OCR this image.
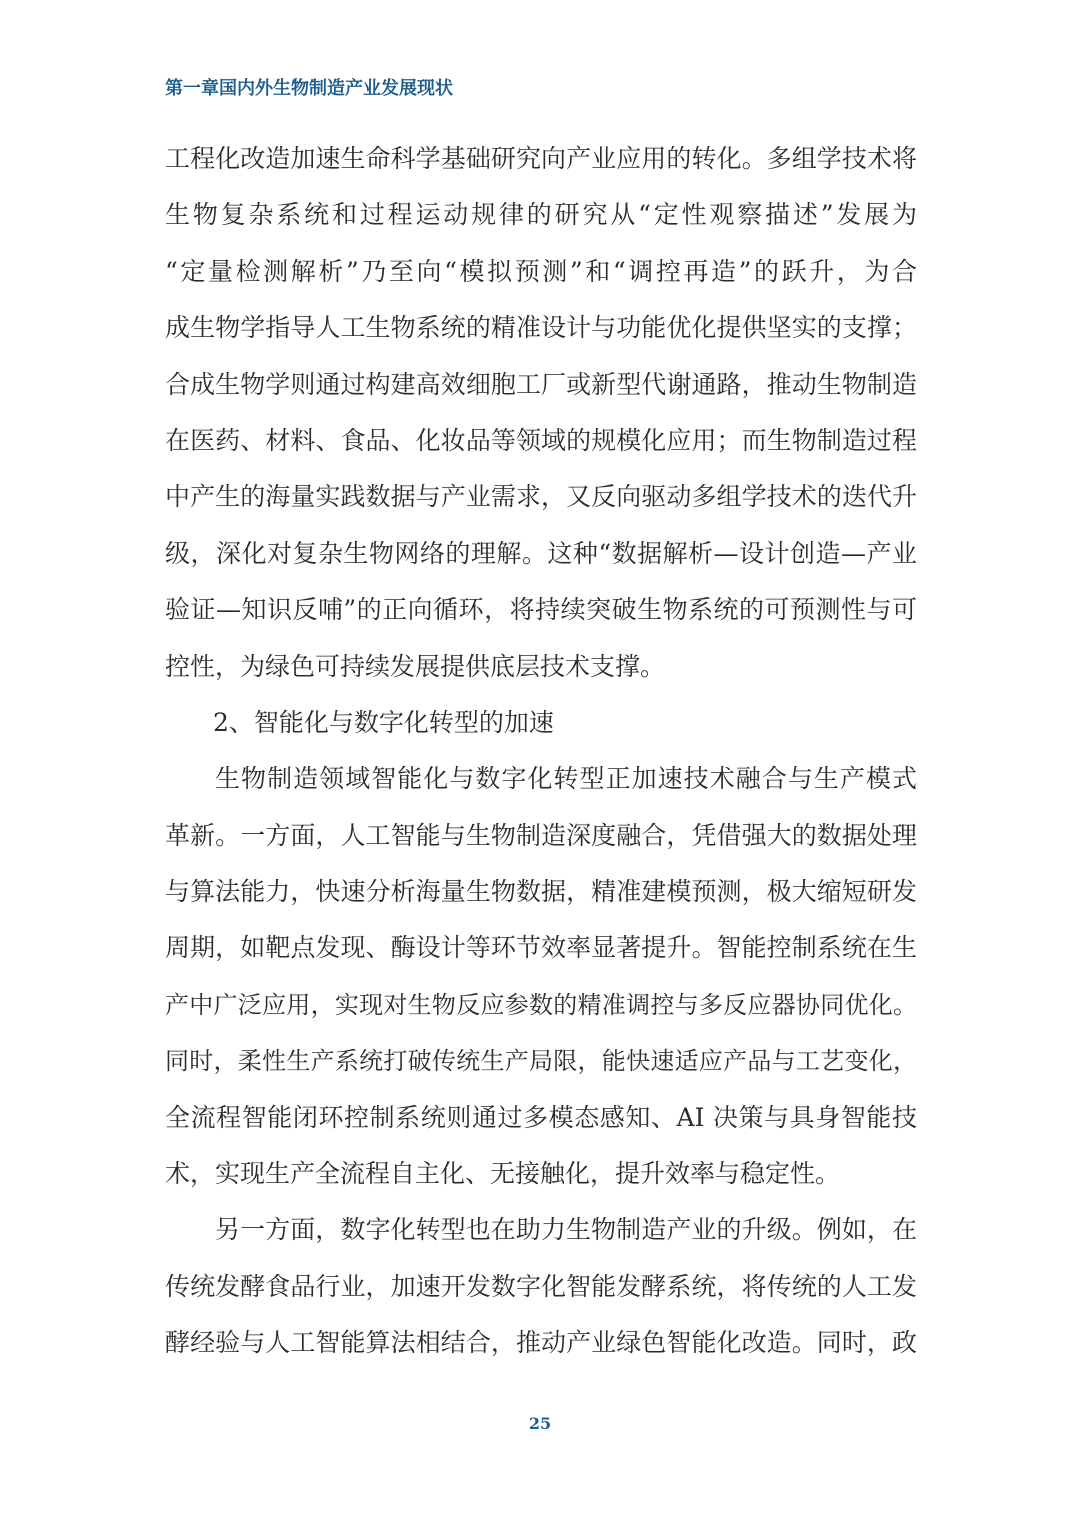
第一章国内外生物制造产业发展现状
工程化改造加速生命科学基础研究向产业应用的转化。多组学技术将
生物复杂系统和过程运动规律的研究从“定性观察描述”发展为
“定量检测解析”乃至向“模拟预测”和“调控再造”的跃升，为合
成生物学指导人工生物系统的精准设计与功能优化提供坚实的支撑；
合成生物学则通过构建高效细胞工厂或新型代谢通路，推动生物制造
在医药、材料、食品、化妆品等领域的规模化应用；而生物制造过程
中产生的海量实践数据与产业需求，又反向驱动多组学技术的迭代升
级，深化对复杂生物网络的理解。这种“数据解析—设计创造—产业
验证—知识反哺”的正向循环，将持续突破生物系统的可预测性与可
控性，为绿色可持续发展提供底层技术支撑。
2、智能化与数字化转型的加速
生物制造领域智能化与数字化转型正加速技术融合与生产模式
革新。一方面，人工智能与生物制造深度融合，凭借强大的数据处理
与算法能力，快速分析海量生物数据，精准建模预测，极大缩短研发
周期，如靶点发现、酶设计等环节效率显著提升。智能控制系统在生
产中广泛应用，实现对生物反应参数的精准调控与多反应器协同优化。
同时，柔性生产系统打破传统生产局限，能快速适应产品与工艺变化，
全流程智能闭环控制系统则通过多模态感知、AI 决策与具身智能技
术，实现生产全流程自主化、无接触化，提升效率与稳定性。
另一方面，数字化转型也在助力生物制造产业的升级。例如，在
传统发酵食品行业，加速开发数字化智能发酵系统，将传统的人工发
酵经验与人工智能算法相结合，推动产业绿色智能化改造。同时，政
25
